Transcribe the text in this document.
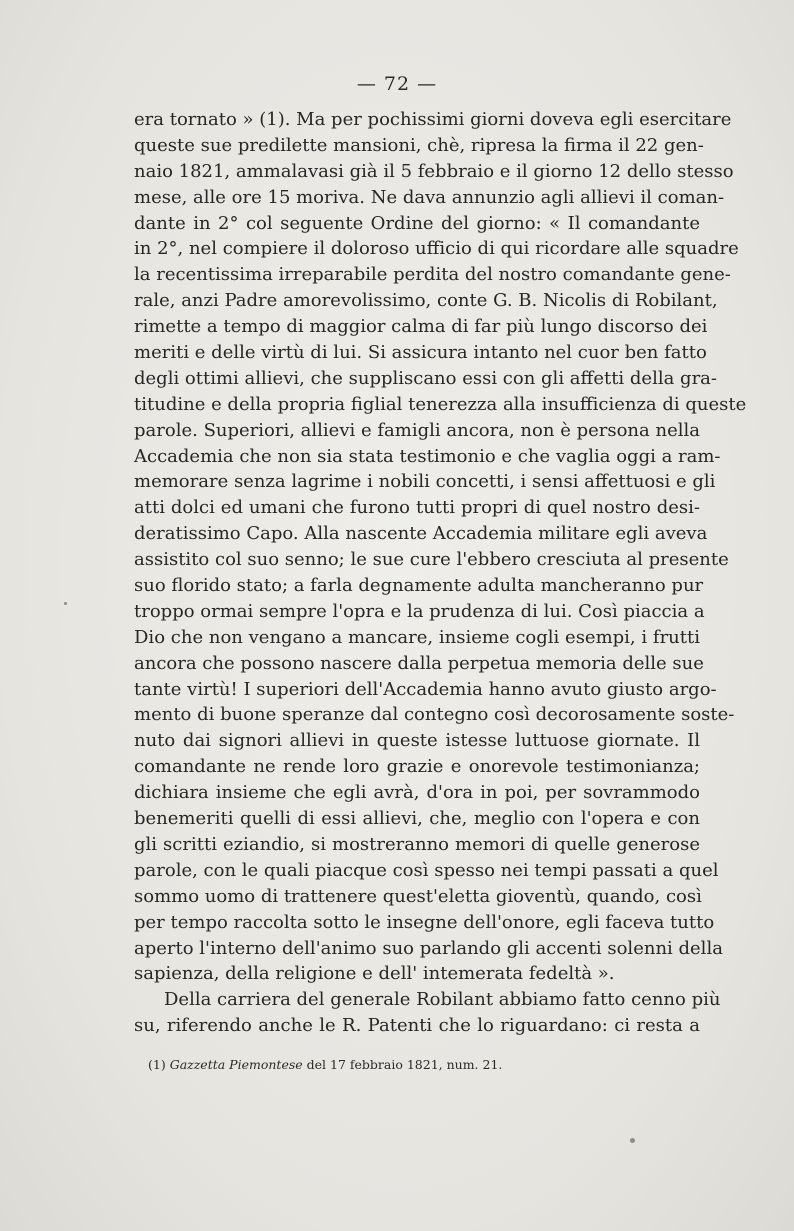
— 72 —
era tornato » (1). Ma per pochissimi giorni doveva egli esercitare
queste sue predilette mansioni, chè, ripresa la firma il 22 gen-
naio 1821, ammalavasi già il 5 febbraio e il giorno 12 dello stesso
mese, alle ore 15 moriva. Ne dava annunzio agli allievi il coman-
dante in 2° col seguente Ordine del giorno: « Il comandante
in 2°, nel compiere il doloroso ufficio di qui ricordare alle squadre
la recentissima irreparabile perdita del nostro comandante gene-
rale, anzi Padre amorevolissimo, conte G. B. Nicolis di Robilant,
rimette a tempo di maggior calma di far più lungo discorso dei
meriti e delle virtù di lui. Si assicura intanto nel cuor ben fatto
degli ottimi allievi, che suppliscano essi con gli affetti della gra-
titudine e della propria figlial tenerezza alla insufficienza di queste
parole. Superiori, allievi e famigli ancora, non è persona nella
Accademia che non sia stata testimonio e che vaglia oggi a ram-
memorare senza lagrime i nobili concetti, i sensi affettuosi e gli
atti dolci ed umani che furono tutti propri di quel nostro desi-
deratissimo Capo. Alla nascente Accademia militare egli aveva
assistito col suo senno; le sue cure l'ebbero cresciuta al presente
suo florido stato; a farla degnamente adulta mancheranno pur
troppo ormai sempre l'opra e la prudenza di lui. Così piaccia a
Dio che non vengano a mancare, insieme cogli esempi, i frutti
ancora che possono nascere dalla perpetua memoria delle sue
tante virtù! I superiori dell'Accademia hanno avuto giusto argo-
mento di buone speranze dal contegno così decorosamente soste-
nuto dai signori allievi in queste istesse luttuose giornate. Il
comandante ne rende loro grazie e onorevole testimonianza;
dichiara insieme che egli avrà, d'ora in poi, per sovrammodo
benemeriti quelli di essi allievi, che, meglio con l'opera e con
gli scritti eziandio, si mostreranno memori di quelle generose
parole, con le quali piacque così spesso nei tempi passati a quel
sommo uomo di trattenere quest'eletta gioventù, quando, così
per tempo raccolta sotto le insegne dell'onore, egli faceva tutto
aperto l'interno dell'animo suo parlando gli accenti solenni della
sapienza, della religione e dell' intemerata fedeltà ».
Della carriera del generale Robilant abbiamo fatto cenno più
su, riferendo anche le R. Patenti che lo riguardano: ci resta a
(1) Gazzetta Piemontese del 17 febbraio 1821, num. 21.
